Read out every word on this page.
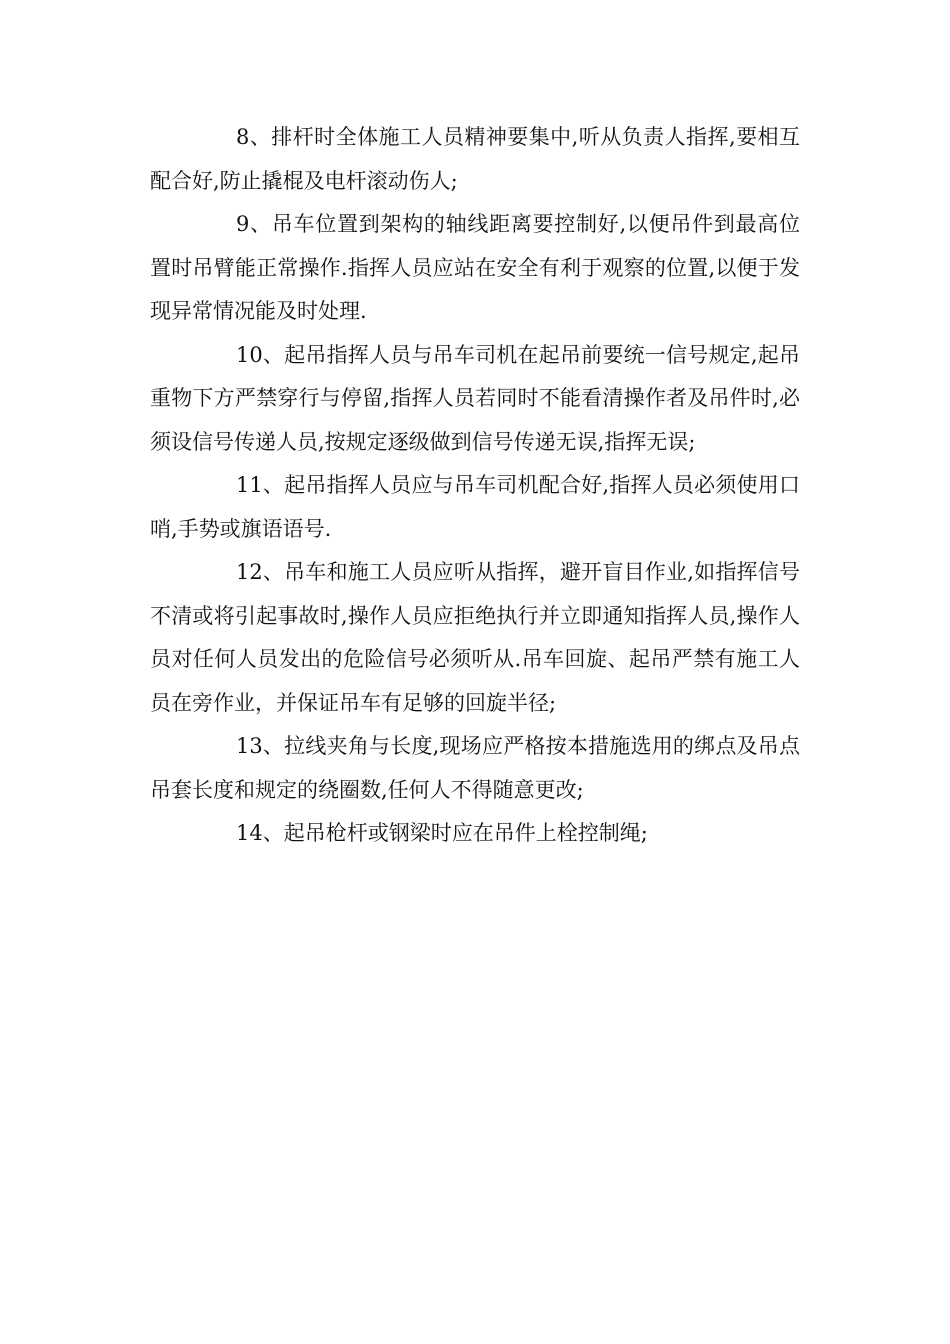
8、排杆时全体施工人员精神要集中,听从负责人指挥,要相互配合好,防止撬棍及电杆滚动伤人;

9、吊车位置到架构的轴线距离要控制好,以便吊件到最高位置时吊臂能正常操作.指挥人员应站在安全有利于观察的位置,以便于发现异常情况能及时处理.

10、起吊指挥人员与吊车司机在起吊前要统一信号规定,起吊重物下方严禁穿行与停留,指挥人员若同时不能看清操作者及吊件时,必须设信号传递人员,按规定逐级做到信号传递无误,指挥无误;

11、起吊指挥人员应与吊车司机配合好,指挥人员必须使用口哨,手势或旗语语号.

12、吊车和施工人员应听从指挥，避开盲目作业,如指挥信号不清或将引起事故时,操作人员应拒绝执行并立即通知指挥人员,操作人员对任何人员发出的危险信号必须听从.吊车回旋、起吊严禁有施工人员在旁作业，并保证吊车有足够的回旋半径;

13、拉线夹角与长度,现场应严格按本措施选用的绑点及吊点吊套长度和规定的绕圈数,任何人不得随意更改;

14、起吊枪杆或钢梁时应在吊件上栓控制绳;
